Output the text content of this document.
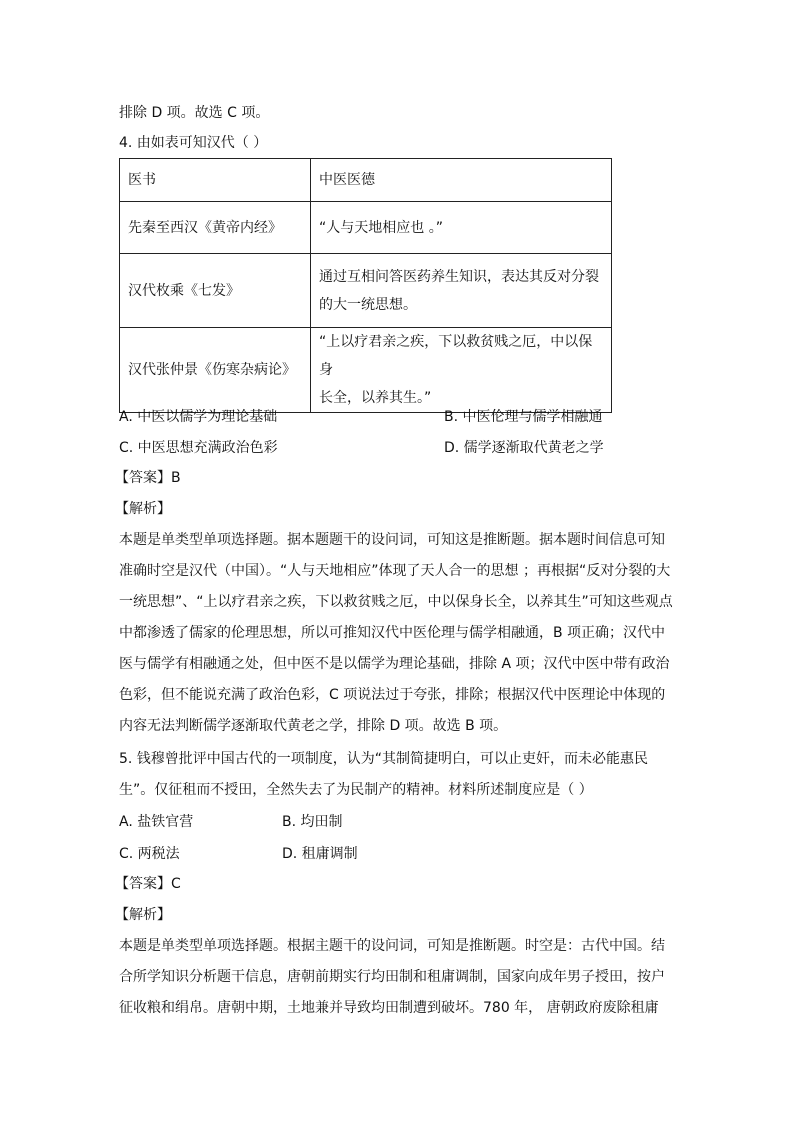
排除 D 项。故选 C 项。
4. 由如表可知汉代（ ）
医书	中医医德
先秦至西汉《黄帝内经》	“人与天地相应也 。”
汉代枚乘《七发》	通过互相问答医药养生知识，表达其反对分裂
的大一统思想。
汉代张仲景《伤寒杂病论》	“上以疗君亲之疾，下以救贫贱之厄，中以保身
长全，以养其生。”
A. 中医以儒学为理论基础	B. 中医伦理与儒学相融通
C. 中医思想充满政治色彩	D. 儒学逐渐取代黄老之学
【答案】B
【解析】
本题是单类型单项选择题。据本题题干的设问词，可知这是推断题。据本题时间信息可知
准确时空是汉代（中国）。“人与天地相应”体现了天人合一的思想 ；再根据“反对分裂的大
一统思想”、“上以疗君亲之疾，下以救贫贱之厄，中以保身长全，以养其生”可知这些观点
中都渗透了儒家的伦理思想，所以可推知汉代中医伦理与儒学相融通，B 项正确；汉代中
医与儒学有相融通之处，但中医不是以儒学为理论基础，排除 A 项；汉代中医中带有政治
色彩，但不能说充满了政治色彩，C 项说法过于夸张，排除；根据汉代中医理论中体现的
内容无法判断儒学逐渐取代黄老之学，排除 D 项。故选 B 项。
5. 钱穆曾批评中国古代的一项制度，认为“其制简捷明白，可以止吏奸，而未必能惠民
生”。仅征租而不授田，全然失去了为民制产的精神。材料所述制度应是（ ）
A. 盐铁官营	B. 均田制
C. 两税法	D. 租庸调制
【答案】C
【解析】
本题是单类型单项选择题。根据主题干的设问词，可知是推断题。时空是：古代中国。结
合所学知识分析题干信息，唐朝前期实行均田制和租庸调制，国家向成年男子授田，按户
征收粮和绢帛。唐朝中期，土地兼并导致均田制遭到破坏。780 年， 唐朝政府废除租庸
